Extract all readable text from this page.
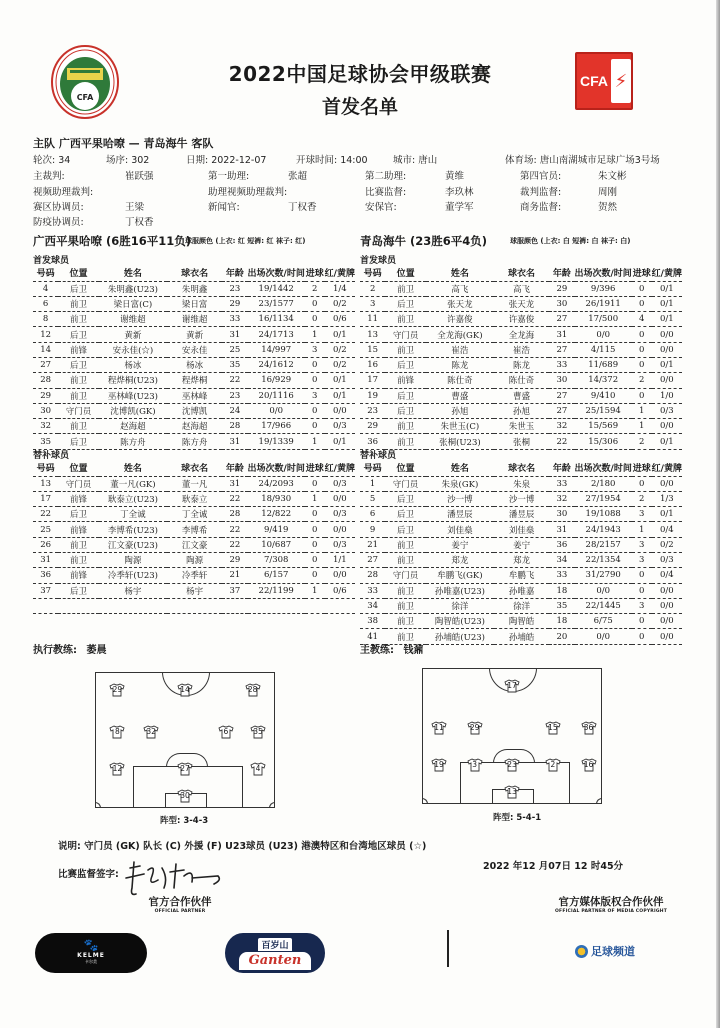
CFA
2022中国足球协会甲级联赛
首发名单
CFA ⚡
主队 广西平果哈嘹 — 青岛海牛 客队
轮次: 34	场序: 302	日期: 2022-12-07	开球时间: 14:00	城市: 唐山	体育场: 唐山南湖城市足球广场3号场
主裁判:	崔跃强	第一助理:	张超	第二助理:	黄维	第四官员:	朱文彬
视频助理裁判:	助理视频助理裁判:	比赛监督:	李玖林	裁判监督:	周刚
赛区协调员:	王梁	新闻官:	丁权香	安保官:	董学军	商务监督:	贺然
防疫协调员:	丁权香
广西平果哈嘹 (6胜16平11负)
球服颜色 (上衣: 红 短裤: 红 袜子: 红)	青岛海牛 (23胜6平4负)	球服颜色 (上衣: 白 短裤: 白 袜子: 白)
首发球员	首发球员
号码	位置	姓名	球衣名	年龄	出场次数/时间	进球	红/黄牌
4	后卫	朱明鑫(U23)	朱明鑫	23	19/1442	2	1/4
6	前卫	梁日富(C)	梁日富	29	23/1577	0	0/2
8	前卫	谢维超	谢维超	33	16/1134	0	0/6
12	后卫	黄新	黄新	31	24/1713	1	0/1
14	前锋	安永佳(☆)	安永佳	25	14/997	3	0/2
27	后卫	杨冰	杨冰	35	24/1612	0	0/2
28	前卫	程烨桐(U23)	程烨桐	22	16/929	0	0/1
29	前卫	巫林峰(U23)	巫林峰	23	20/1116	3	0/1
30	守门员	沈博凯(GK)	沈博凯	24	0/0	0	0/0
32	前卫	赵海超	赵海超	28	17/966	0	0/3
35	后卫	陈方舟	陈方舟	31	19/1339	1	0/1
号码	位置	姓名	球衣名	年龄	出场次数/时间	进球	红/黄牌
2	前卫	高飞	高飞	29	9/396	0	0/1
3	后卫	张天龙	张天龙	30	26/1911	0	0/1
11	前卫	许嘉俊	许嘉俊	27	17/500	4	0/1
13	守门员	全龙海(GK)	全龙海	31	0/0	0	0/0
15	前卫	崔浩	崔浩	27	4/115	0	0/0
16	后卫	陈龙	陈龙	33	11/689	0	0/1
17	前锋	陈仕奇	陈仕奇	30	14/372	2	0/0
19	后卫	曹盛	曹盛	27	9/410	0	1/0
23	后卫	孙旭	孙旭	27	25/1594	1	0/3
29	前卫	朱世玉(C)	朱世玉	32	15/569	1	0/0
36	前卫	张桐(U23)	张桐	22	15/306	2	0/1
替补球员	替补球员
号码	位置	姓名	球衣名	年龄	出场次数/时间	进球	红/黄牌
13	守门员	董一凡(GK)	董一凡	31	24/2093	0	0/3
17	前锋	耿泰立(U23)	耿泰立	22	18/930	1	0/0
22	后卫	丁全诚	丁全诚	28	12/822	0	0/3
25	前锋	李博希(U23)	李博希	22	9/419	0	0/0
26	前卫	江文豪(U23)	江文豪	22	10/687	0	0/3
31	前卫	陶源	陶源	29	7/308	0	1/1
36	前锋	冷季轩(U23)	冷季轩	21	6/157	0	0/0
37	后卫	杨宇	杨宇	37	22/1199	1	0/6

号码	位置	姓名	球衣名	年龄	出场次数/时间	进球	红/黄牌
1	守门员	朱泉(GK)	朱泉	33	2/180	0	0/0
5	后卫	沙一博	沙一博	32	27/1954	2	1/3
6	后卫	潘昱辰	潘昱辰	30	19/1088	3	0/1
9	后卫	刘佳燊	刘佳燊	31	24/1943	1	0/4
21	前卫	姜宁	姜宁	36	28/2157	3	0/2
27	前卫	郑龙	郑龙	34	22/1354	3	0/3
28	守门员	牟鹏飞(GK)	牟鹏飞	33	31/2790	0	0/4
33	前卫	孙唯嘉(U23)	孙唯嘉	18	0/0	0	0/0
34	前卫	徐洋	徐洋	35	22/1445	3	0/0
38	前卫	陶智皓(U23)	陶智皓	18	6/75	0	0/0
41	前卫	孙埔皓(U23)	孙埔皓	20	0/0	0	0/0
执行教练: 萎晨	主教练: 钱鼐
29	14	28
8	32	6	35
12	27	4
30
阵型: 3-4-3
17
11	29	15	36
19	3	23	2	16
13
阵型: 5-4-1
说明: 守门员 (GK) 队长 (C) 外援 (F) U23球员 (U23) 港澳特区和台湾地区球员 (☆)
比赛监督签字:
2022 年12 月07日 12 时45分
官方合作伙伴
OFFICIAL PARTNER
官方媒体版权合作伙伴
OFFICIAL PARTNER OF MEDIA COPYRIGHT
🐾
KELME
卡尔美
百岁山
Ganten
足球频道
